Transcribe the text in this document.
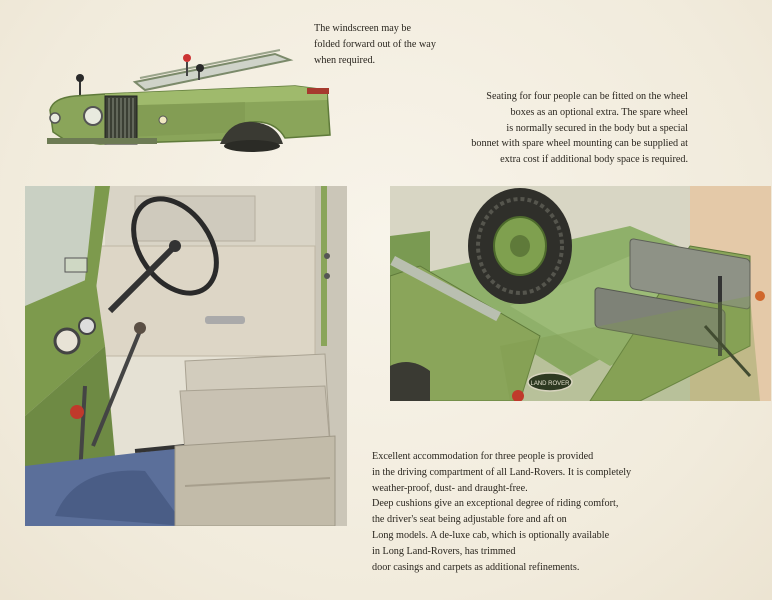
The windscreen may be
folded forward out of the way
when required.
Seating for four people can be fitted on the wheel
boxes as an optional extra. The spare wheel
is normally secured in the body but a special
bonnet with spare wheel mounting can be supplied at
extra cost if additional body space is required.
LAND ROVER
Excellent accommodation for three people is provided
in the driving compartment of all Land-Rovers. It is completely
weather-proof, dust- and draught-free.
Deep cushions give an exceptional degree of riding comfort,
the driver's seat being adjustable fore and aft on
Long models. A de-luxe cab, which is optionally available
in Long Land-Rovers, has trimmed
door casings and carpets as additional refinements.
